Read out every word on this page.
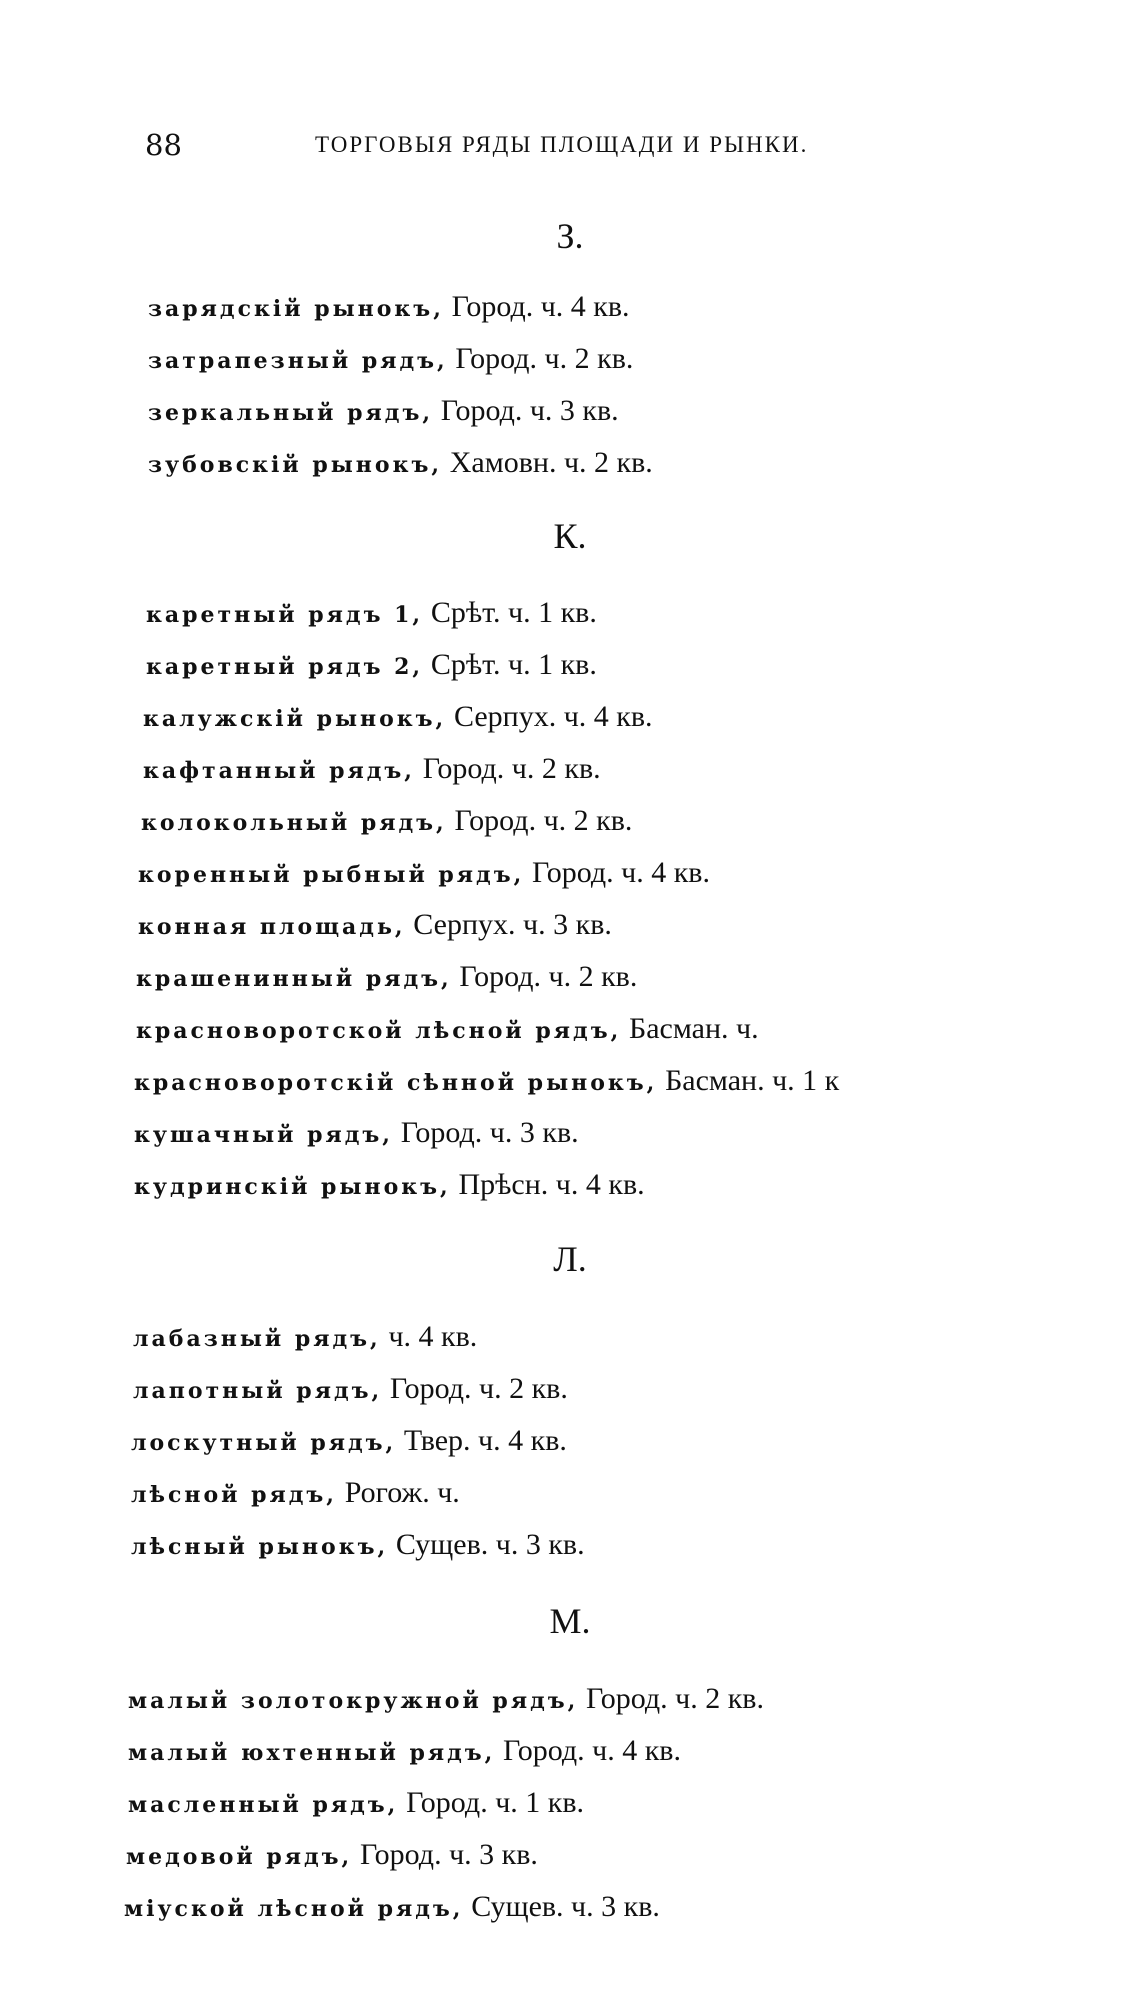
88	ТОРГОВЫЯ РЯДЫ ПЛОЩАДИ И РЫНКИ.
З.
зарядскій рынокъ, Город. ч. 4 кв.
затрапезный рядъ, Город. ч. 2 кв.
зеркальный рядъ, Город. ч. 3 кв.
зубовскій рынокъ, Хамовн. ч. 2 кв.
К.
каретный рядъ 1, Срѣт. ч. 1 кв.
каретный рядъ 2, Срѣт. ч. 1 кв.
калужскій рынокъ, Серпух. ч. 4 кв.
кафтанный рядъ, Город. ч. 2 кв.
колокольный рядъ, Город. ч. 2 кв.
коренный рыбный рядъ, Город. ч. 4 кв.
конная площадь, Серпух. ч. 3 кв.
крашенинный рядъ, Город. ч. 2 кв.
красноворотской лѣсной рядъ, Басман. ч.
красноворотскій сѣнной рынокъ, Басман. ч. 1 к
кушачный рядъ, Город. ч. 3 кв.
кудринскій рынокъ, Прѣсн. ч. 4 кв.
Л.
лабазный рядъ, ч. 4 кв.
лапотный рядъ, Город. ч. 2 кв.
лоскутный рядъ, Твер. ч. 4 кв.
лѣсной рядъ, Рогож. ч.
лѣсный рынокъ, Сущев. ч. 3 кв.
М.
малый золотокружной рядъ, Город. ч. 2 кв.
малый юхтенный рядъ, Город. ч. 4 кв.
масленный рядъ, Город. ч. 1 кв.
медовой рядъ, Город. ч. 3 кв.
міуской лѣсной рядъ, Сущев. ч. 3 кв.
